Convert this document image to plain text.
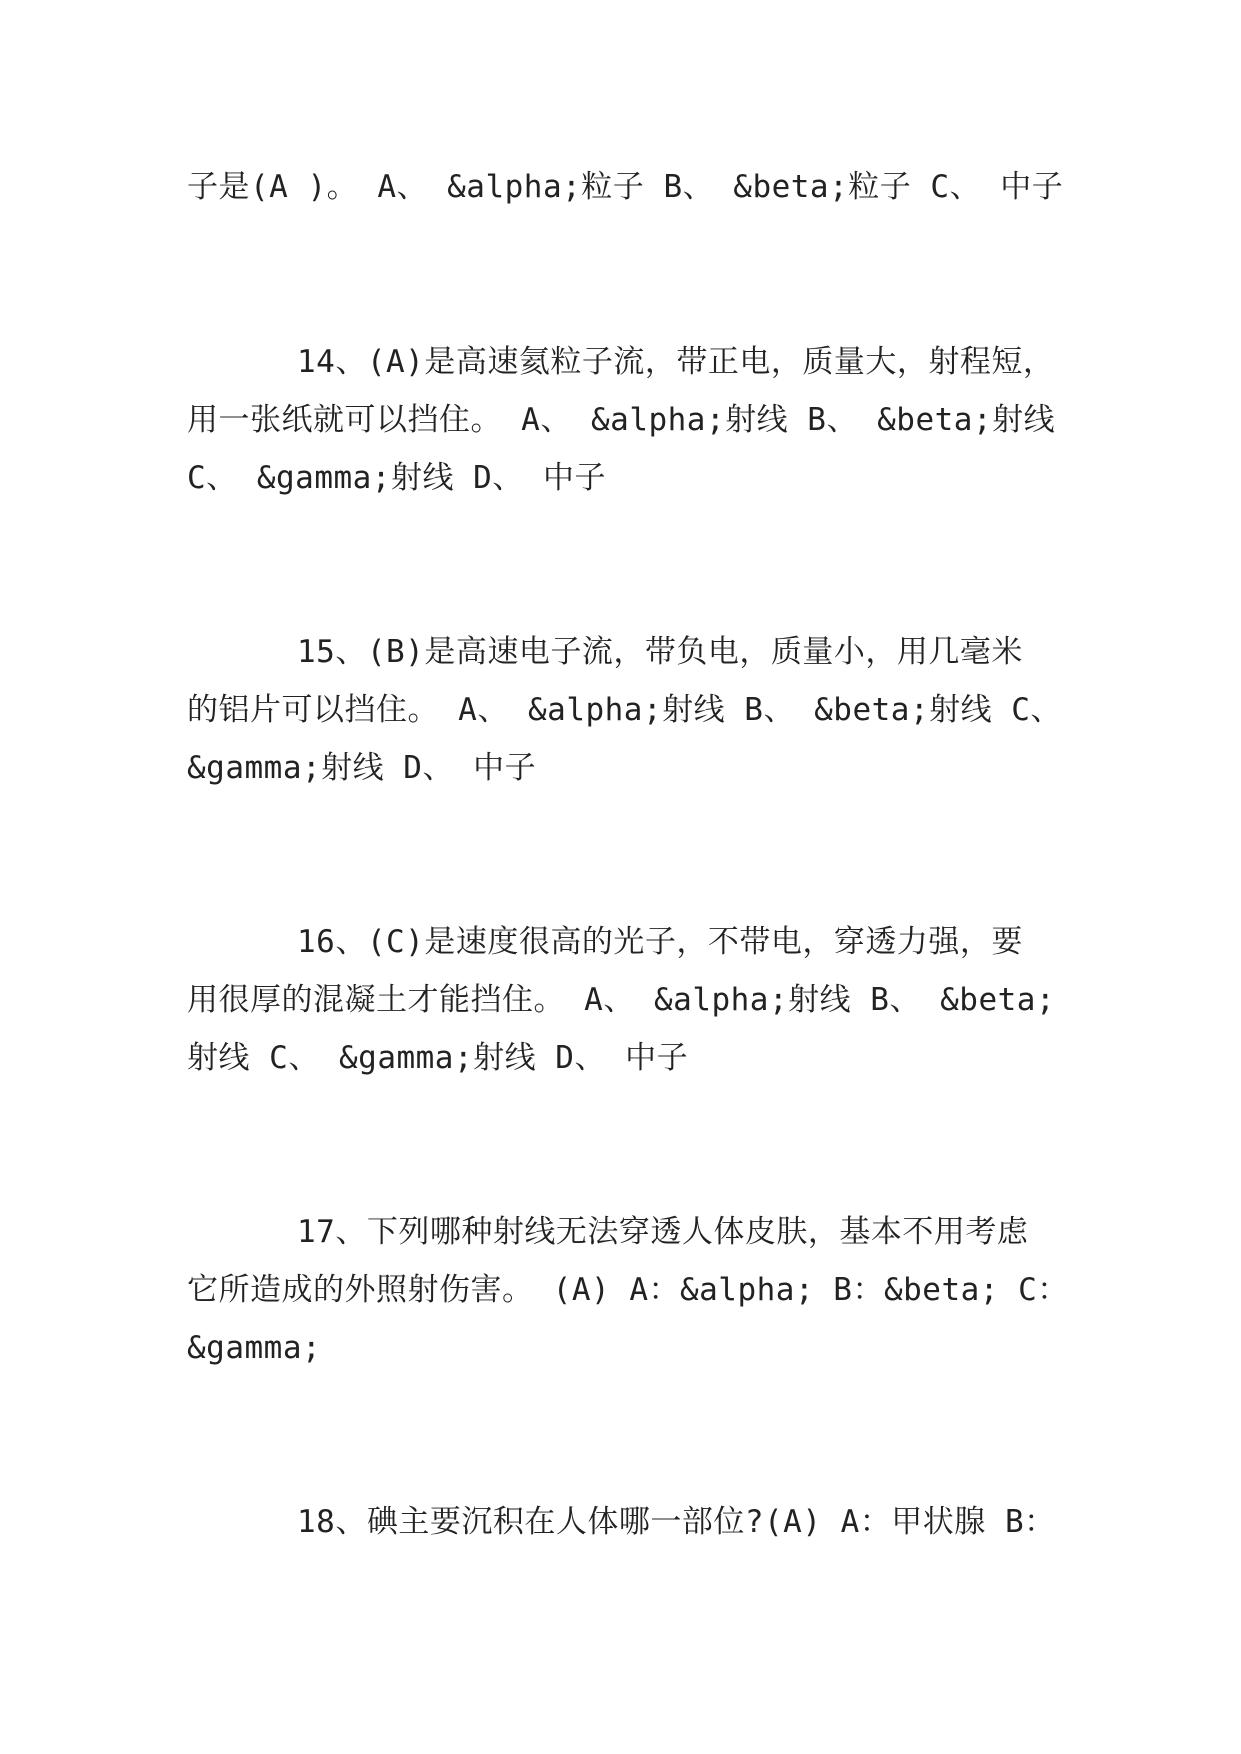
子是(A )。 A、 &alpha;粒子 B、 &beta;粒子 C、 中子
14、(A)是高速氦粒子流，带正电，质量大，射程短，
用一张纸就可以挡住。 A、 &alpha;射线 B、 &beta;射线
C、 &gamma;射线 D、 中子
15、(B)是高速电子流，带负电，质量小，用几毫米
的铝片可以挡住。 A、 &alpha;射线 B、 &beta;射线 C、
&gamma;射线 D、 中子
16、(C)是速度很高的光子，不带电，穿透力强，要
用很厚的混凝土才能挡住。 A、 &alpha;射线 B、 &beta;
射线 C、 &gamma;射线 D、 中子
17、下列哪种射线无法穿透人体皮肤，基本不用考虑
它所造成的外照射伤害。 (A) A：&alpha; B：&beta; C：
&gamma;
18、碘主要沉积在人体哪一部位?(A) A：甲状腺 B：
